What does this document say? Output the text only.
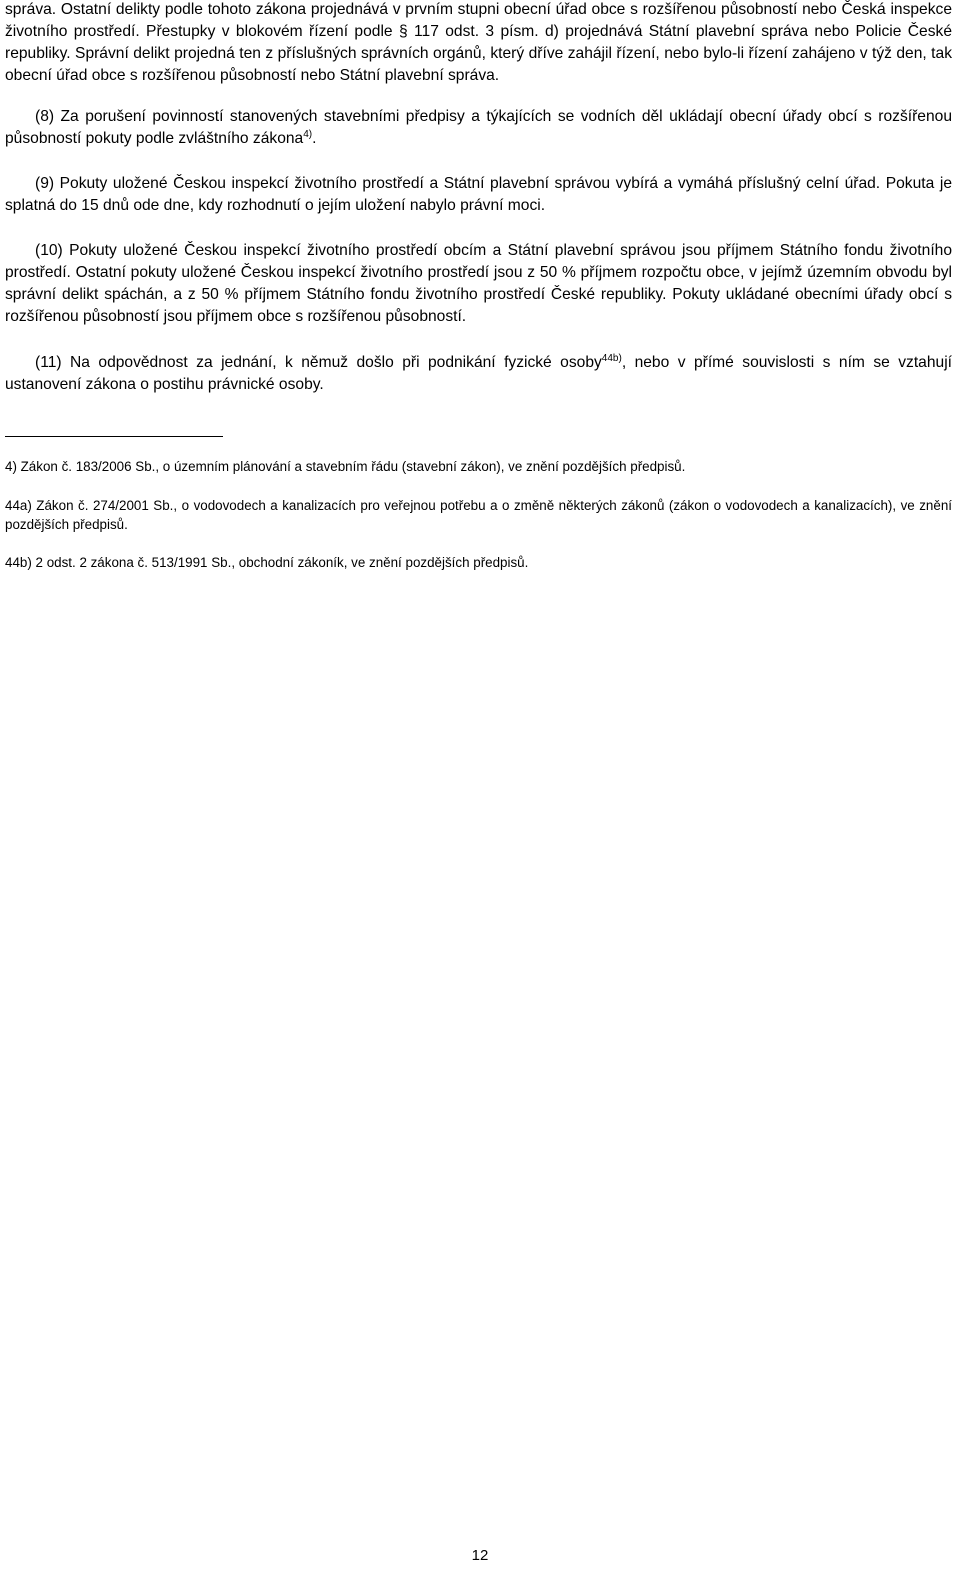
správa. Ostatní delikty podle tohoto zákona projednává v prvním stupni obecní úřad obce s rozšířenou působností nebo Česká inspekce životního prostředí. Přestupky v blokovém řízení podle § 117 odst. 3 písm. d) projednává Státní plavební správa nebo Policie České republiky. Správní delikt projedná ten z příslušných správních orgánů, který dříve zahájil řízení, nebo bylo-li řízení zahájeno v týž den, tak obecní úřad obce s rozšířenou působností nebo Státní plavební správa.

(8) Za porušení povinností stanovených stavebními předpisy a týkajících se vodních děl ukládají obecní úřady obcí s rozšířenou působností pokuty podle zvláštního zákona$^{4)}$.

(9) Pokuty uložené Českou inspekcí životního prostředí a Státní plavební správou vybírá a vymáhá příslušný celní úřad. Pokuta je splatná do 15 dnů ode dne, kdy rozhodnutí o jejím uložení nabylo právní moci.

(10) Pokuty uložené Českou inspekcí životního prostředí obcím a Státní plavební správou jsou příjmem Státního fondu životního prostředí. Ostatní pokuty uložené Českou inspekcí životního prostředí jsou z 50 % příjmem rozpočtu obce, v jejímž územním obvodu byl správní delikt spáchán, a z 50 % příjmem Státního fondu životního prostředí České republiky. Pokuty ukládané obecními úřady obcí s rozšířenou působností jsou příjmem obce s rozšířenou působností.

(11) Na odpovědnost za jednání, k němuž došlo při podnikání fyzické osoby$^{44b)}$, nebo v přímé souvislosti s ním se vztahují ustanovení zákona o postihu právnické osoby.

4) Zákon č. 183/2006 Sb., o územním plánování a stavebním řádu (stavební zákon), ve znění pozdějších předpisů.

44a) Zákon č. 274/2001 Sb., o vodovodech a kanalizacích pro veřejnou potřebu a o změně některých zákonů (zákon o vodovodech a kanalizacích), ve znění pozdějších předpisů.

44b) 2 odst. 2 zákona č. 513/1991 Sb., obchodní zákoník, ve znění pozdějších předpisů.

12
